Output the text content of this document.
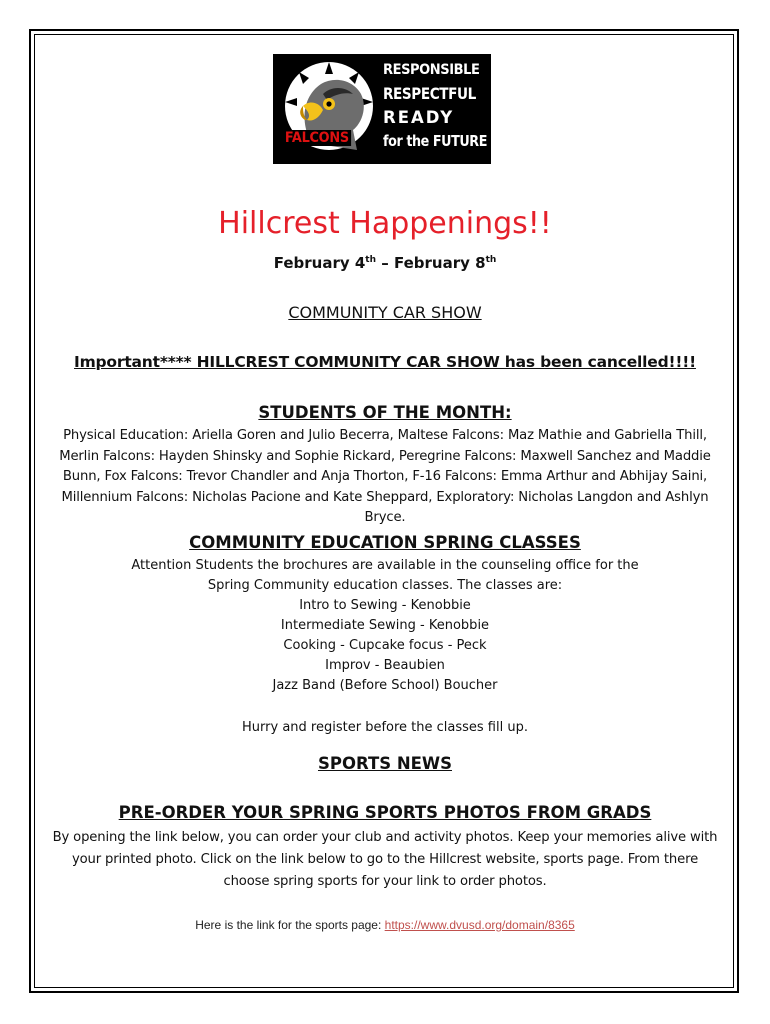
FALCONS
RESPONSIBLE
RESPECTFUL
READY
for the FUTURE
Hillcrest Happenings!!
February 4th – February 8th
COMMUNITY CAR SHOW
Important**** HILLCREST COMMUNITY CAR SHOW has been cancelled!!!!
STUDENTS OF THE MONTH:
Physical Education: Ariella Goren and Julio Becerra, Maltese Falcons: Maz Mathie and Gabriella Thill,
Merlin Falcons: Hayden Shinsky and Sophie Rickard, Peregrine Falcons: Maxwell Sanchez and Maddie
Bunn, Fox Falcons: Trevor Chandler and Anja Thorton, F-16 Falcons: Emma Arthur and Abhijay Saini,
Millennium Falcons: Nicholas Pacione and Kate Sheppard, Exploratory: Nicholas Langdon and Ashlyn Bryce.
COMMUNITY EDUCATION SPRING CLASSES
Attention Students the brochures are available in the counseling office for the
Spring Community education classes. The classes are:
Intro to Sewing - Kenobbie
Intermediate Sewing - Kenobbie
Cooking - Cupcake focus - Peck
Improv - Beaubien
Jazz Band (Before School) Boucher
Hurry and register before the classes fill up.
SPORTS NEWS
PRE-ORDER YOUR SPRING SPORTS PHOTOS FROM GRADS
By opening the link below, you can order your club and activity photos. Keep your memories alive with
your printed photo. Click on the link below to go to the Hillcrest website, sports page. From there
choose spring sports for your link to order photos.
Here is the link for the sports page: https://www.dvusd.org/domain/8365
